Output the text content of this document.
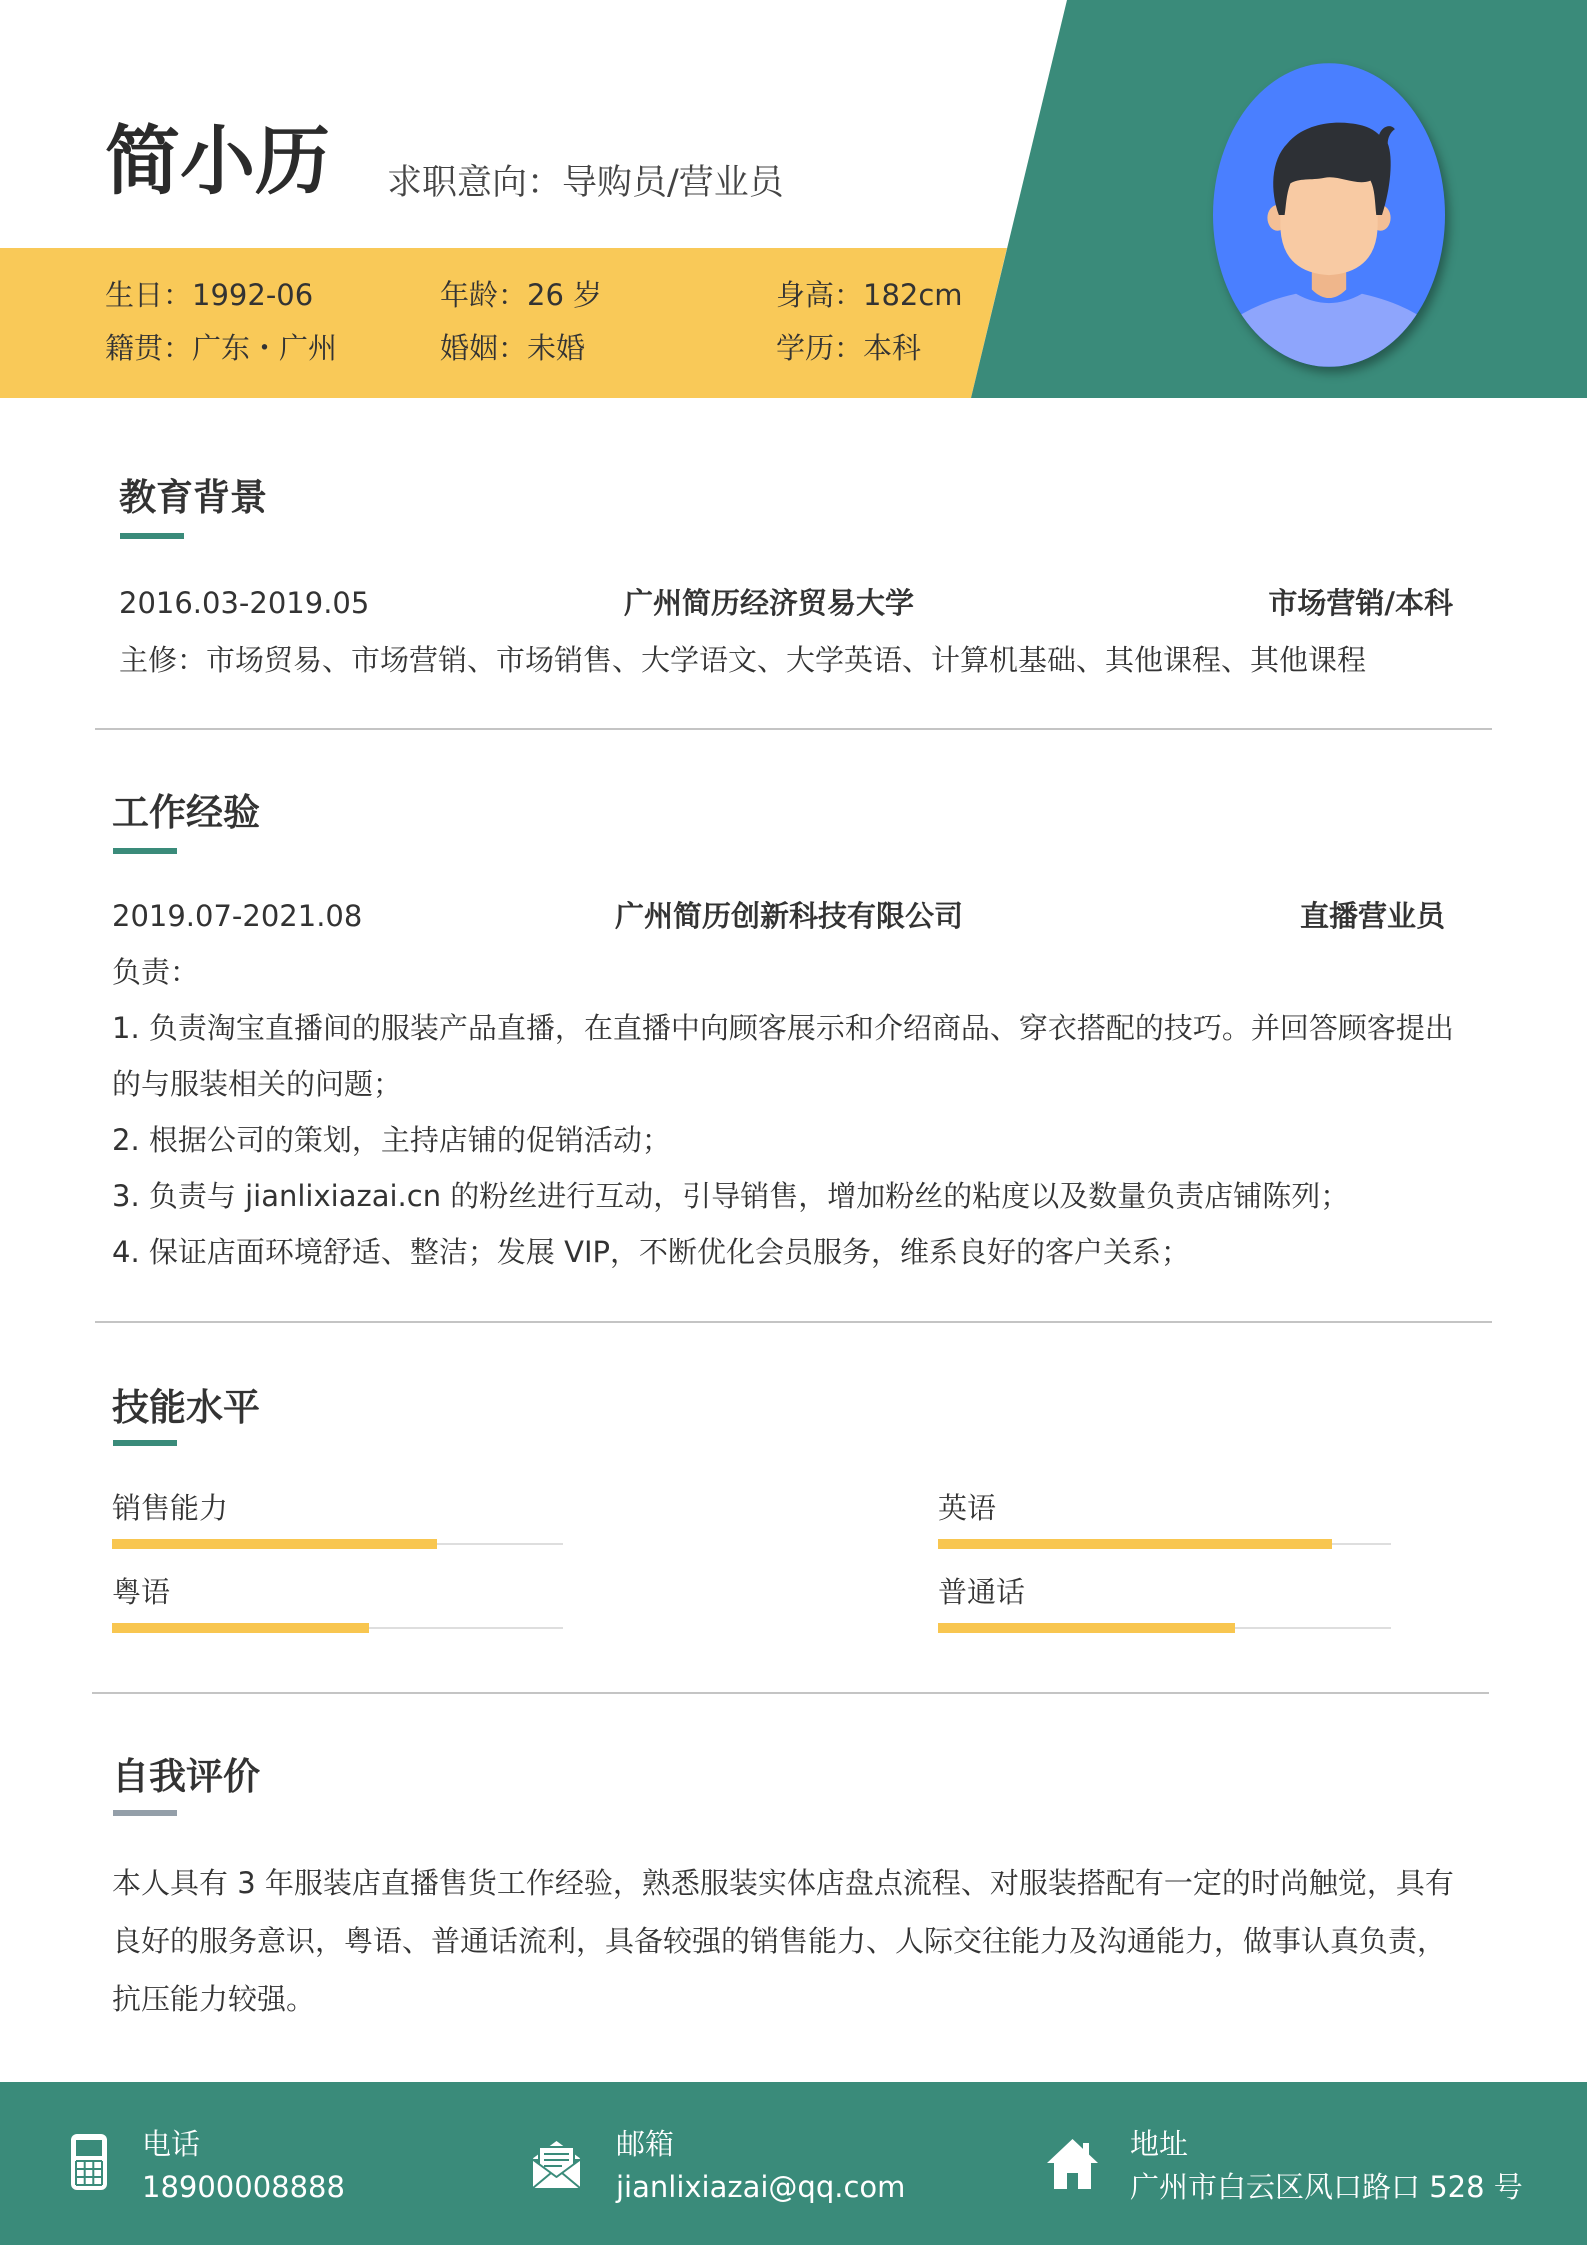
简小历 求职意向：导购员/营业员
生日：1992-06	年龄：26 岁	身高：182cm
籍贯：广东・广州	婚姻：未婚	学历：本科
教育背景
2016.03-2019.05	广州简历经济贸易大学	市场营销/本科
主修：市场贸易、市场营销、市场销售、大学语文、大学英语、计算机基础、其他课程、其他课程
工作经验
2019.07-2021.08	广州简历创新科技有限公司	直播营业员
负责：
1. 负责淘宝直播间的服装产品直播，在直播中向顾客展示和介绍商品、穿衣搭配的技巧。并回答顾客提出
的与服装相关的问题；
2. 根据公司的策划，主持店铺的促销活动；
3. 负责与 jianlixiazai.cn 的粉丝进行互动，引导销售，增加粉丝的粘度以及数量负责店铺陈列；
4. 保证店面环境舒适、整洁；发展 VIP，不断优化会员服务，维系良好的客户关系；
技能水平
销售能力	英语
粤语	普通话
自我评价
本人具有 3 年服装店直播售货工作经验，熟悉服装实体店盘点流程、对服装搭配有一定的时尚触觉，具有
良好的服务意识，粤语、普通话流利，具备较强的销售能力、人际交往能力及沟通能力，做事认真负责，
抗压能力较强。
电话
18900008888
邮箱
jianlixiazai@qq.com
地址
广州市白云区风口路口 528 号
